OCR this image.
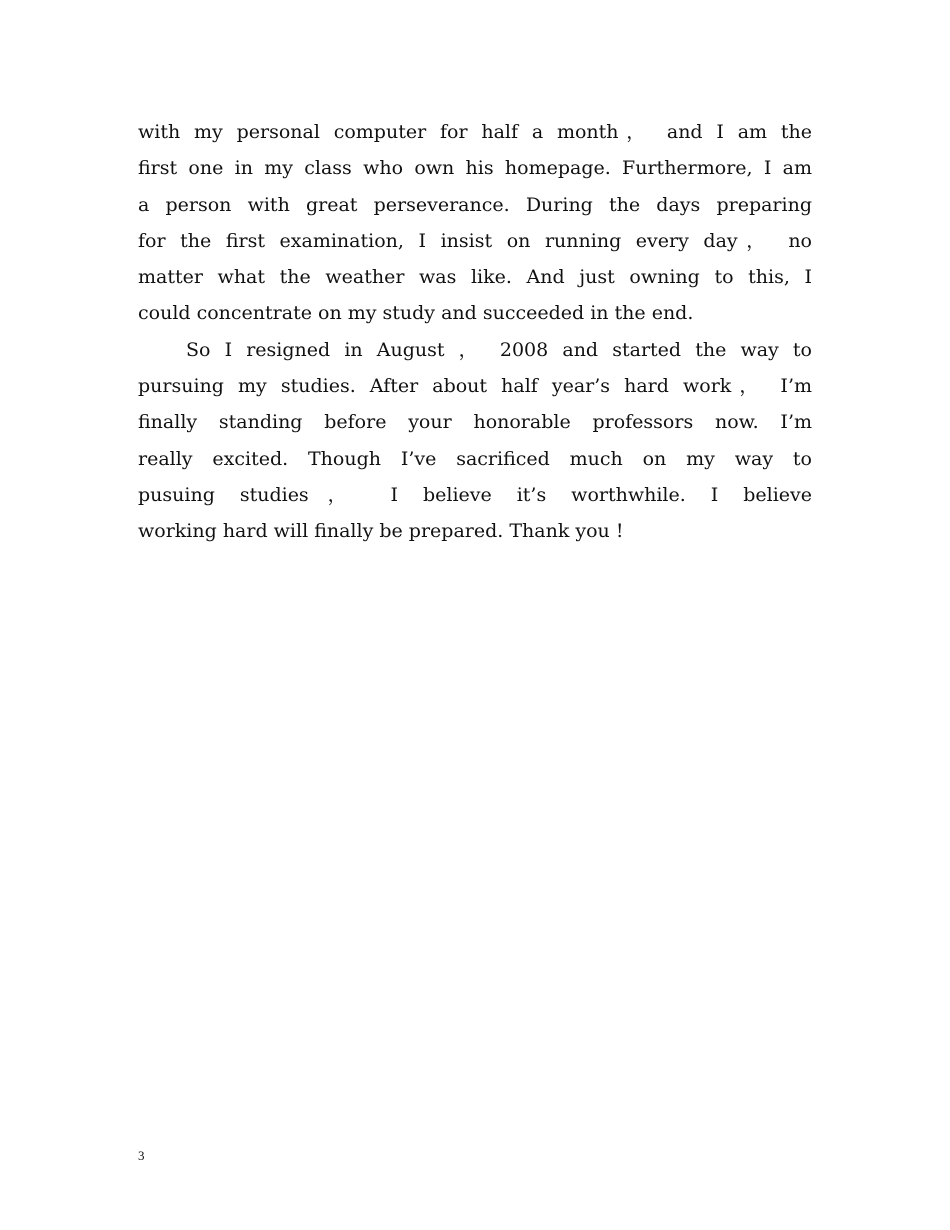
with my personal computer for half a month， and I am the
first one in my class who own his homepage. Furthermore, I am
a person with great perseverance. During the days preparing
for the first examination, I insist on running every day， no
matter what the weather was like. And just owning to this, I
could concentrate on my study and succeeded in the end.
So I resigned in August ， 2008 and started the way to
pursuing my studies. After about half year’s hard work， I’m
finally standing before your honorable professors now. I’m
really excited. Though I’ve sacrificed much on my way to
pusuing studies， I believe it’s worthwhile. I believe
working hard will finally be prepared. Thank you !
3
